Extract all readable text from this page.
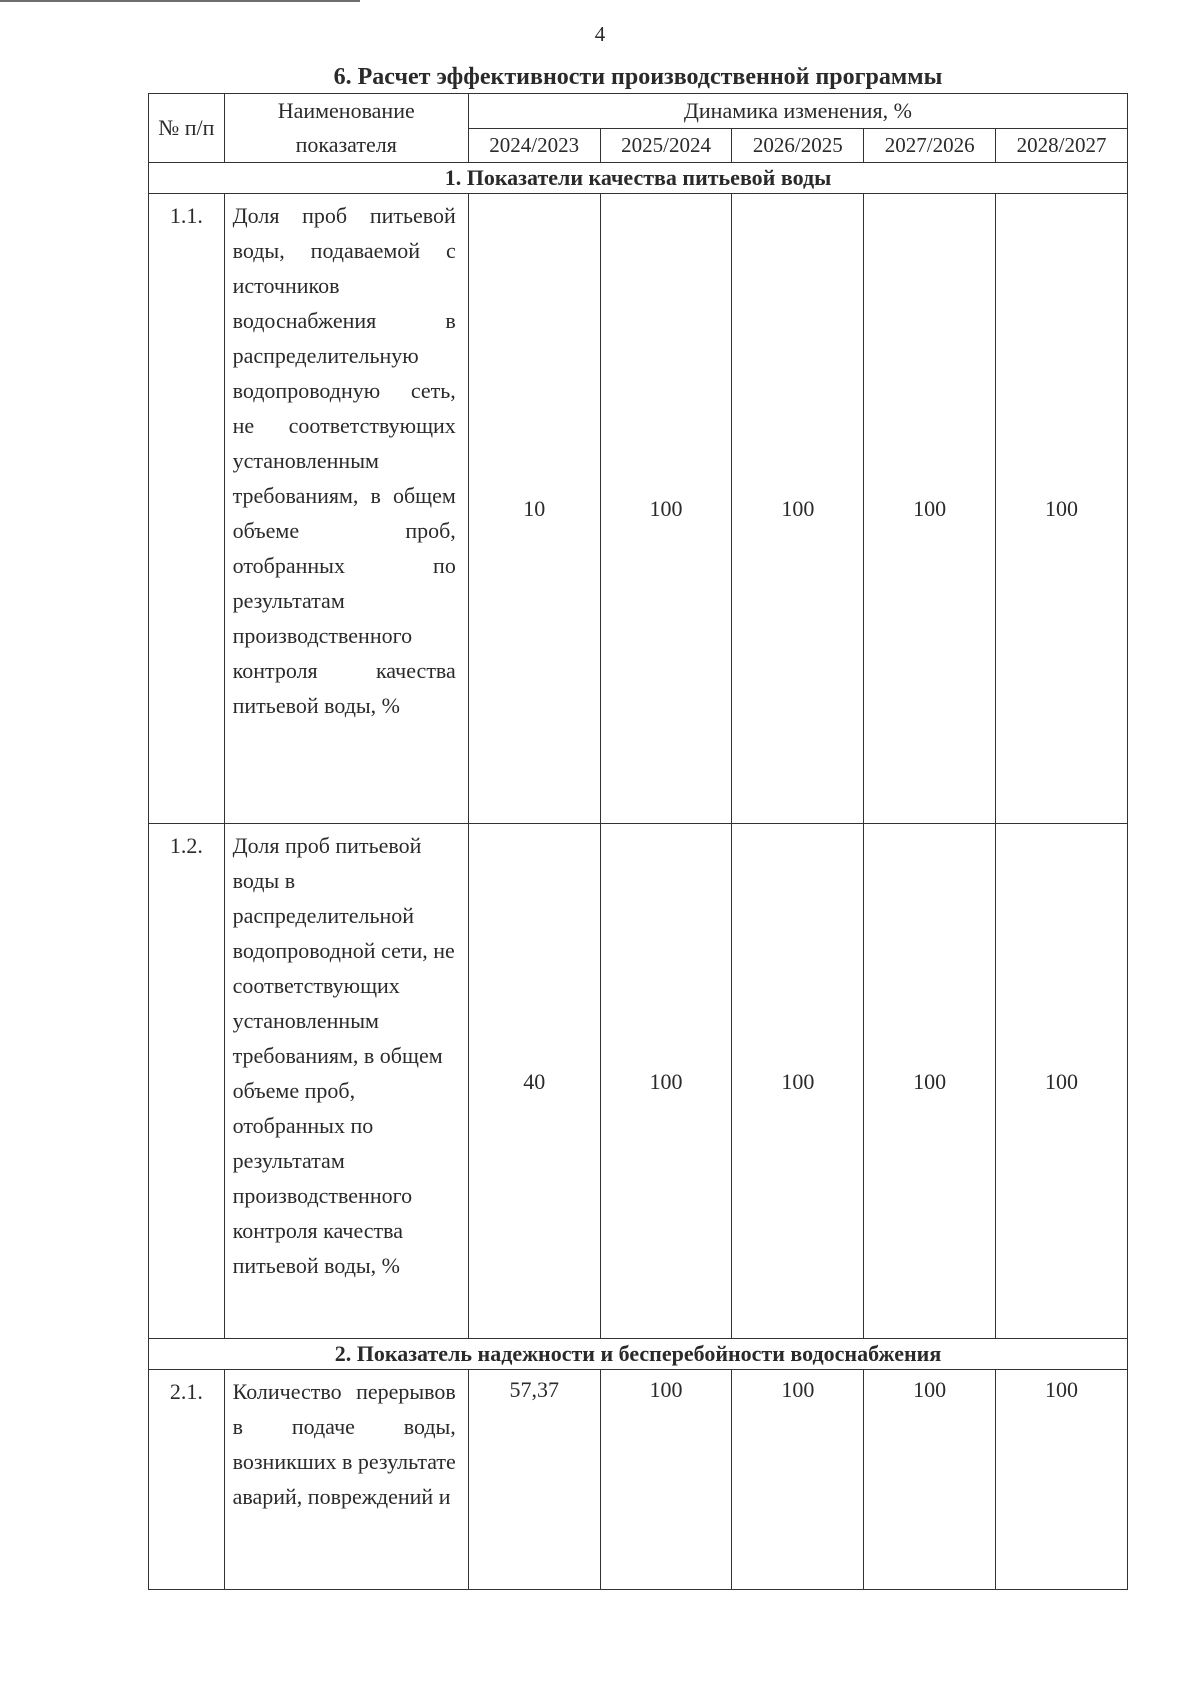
4
6. Расчет эффективности производственной программы
№ п/п	Наименование показателя	Динамика изменения, %				
		2024/2023	2025/2024	2026/2025	2027/2026	2028/2027
1. Показатели качества питьевой воды						
1.1.	Доля проб питьевой воды, подаваемой с источников водоснабжения в распределительную водопроводную сеть, не соответствующих установленным требованиям, в общем объеме проб, отобранных по результатам производственного контроля качества питьевой воды, %	10	100	100	100	100
1.2.	Доля проб питьевой воды в распределительной водопроводной сети, не соответствующих установленным требованиям, в общем объеме проб, отобранных по результатам производственного контроля качества питьевой воды, %	40	100	100	100	100
2. Показатель надежности и бесперебойности водоснабжения						
2.1.	Количество перерывов в подаче воды, возникших в результате аварий, повреждений и	57,37	100	100	100	100
